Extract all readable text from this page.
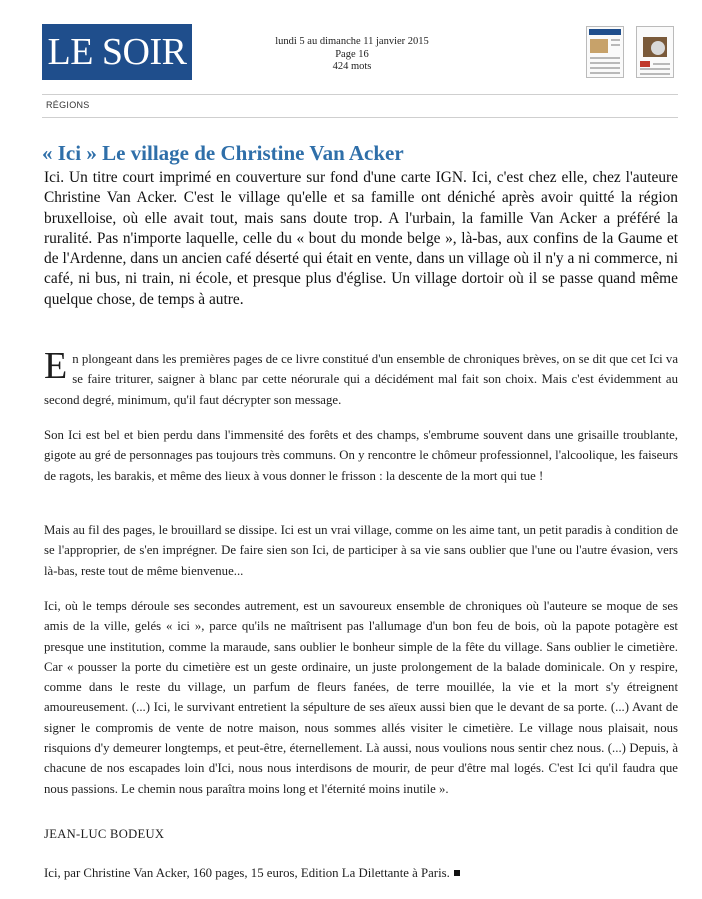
LE SOIR	lundi 5 au dimanche 11 janvier 2015
Page 16
424 mots
RÉGIONS
« Ici » Le village de Christine Van Acker

Ici. Un titre court imprimé en couverture sur fond d'une carte IGN. Ici, c'est chez elle, chez l'auteure Christine Van Acker. C'est le village qu'elle et sa famille ont déniché après avoir quitté la région bruxelloise, où elle avait tout, mais sans doute trop. A l'urbain, la famille Van Acker a préféré la ruralité. Pas n'importe laquelle, celle du « bout du monde belge », là-bas, aux confins de la Gaume et de l'Ardenne, dans un ancien café déserté qui était en vente, dans un village où il n'y a ni commerce, ni café, ni bus, ni train, ni école, et presque plus d'église. Un village dortoir où il se passe quand même quelque chose, de temps à autre.

En plongeant dans les premières pages de ce livre constitué d'un ensemble de chroniques brèves, on se dit que cet Ici va se faire triturer, saigner à blanc par cette néorurale qui a décidément mal fait son choix. Mais c'est évidemment au second degré, minimum, qu'il faut décrypter son message.

Son Ici est bel et bien perdu dans l'immensité des forêts et des champs, s'embrume souvent dans une grisaille troublante, gigote au gré de personnages pas toujours très communs. On y rencontre le chômeur professionnel, l'alcoolique, les faiseurs de ragots, les barakis, et même des lieux à vous donner le frisson : la descente de la mort qui tue !

Mais au fil des pages, le brouillard se dissipe. Ici est un vrai village, comme on les aime tant, un petit paradis à condition de se l'approprier, de s'en imprégner. De faire sien son Ici, de participer à sa vie sans oublier que l'une ou l'autre évasion, vers là-bas, reste tout de même bienvenue...

Ici, où le temps déroule ses secondes autrement, est un savoureux ensemble de chroniques où l'auteure se moque de ses amis de la ville, gelés « ici », parce qu'ils ne maîtrisent pas l'allumage d'un bon feu de bois, où la papote potagère est presque une institution, comme la maraude, sans oublier le bonheur simple de la fête du village. Sans oublier le cimetière. Car « pousser la porte du cimetière est un geste ordinaire, un juste prolongement de la balade dominicale. On y respire, comme dans le reste du village, un parfum de fleurs fanées, de terre mouillée, la vie et la mort s'y étreignent amoureusement. (...) Ici, le survivant entretient la sépulture de ses aïeux aussi bien que le devant de sa porte. (...) Avant de signer le compromis de vente de notre maison, nous sommes allés visiter le cimetière. Le village nous plaisait, nous risquions d'y demeurer longtemps, et peut-être, éternellement. Là aussi, nous voulions nous sentir chez nous. (...) Depuis, à chacune de nos escapades loin d'Ici, nous nous interdisons de mourir, de peur d'être mal logés. C'est Ici qu'il faudra que nous passions. Le chemin nous paraîtra moins long et l'éternité moins inutile ».

JEAN-LUC BODEUX
Ici, par Christine Van Acker, 160 pages, 15 euros, Edition La Dilettante à Paris.
